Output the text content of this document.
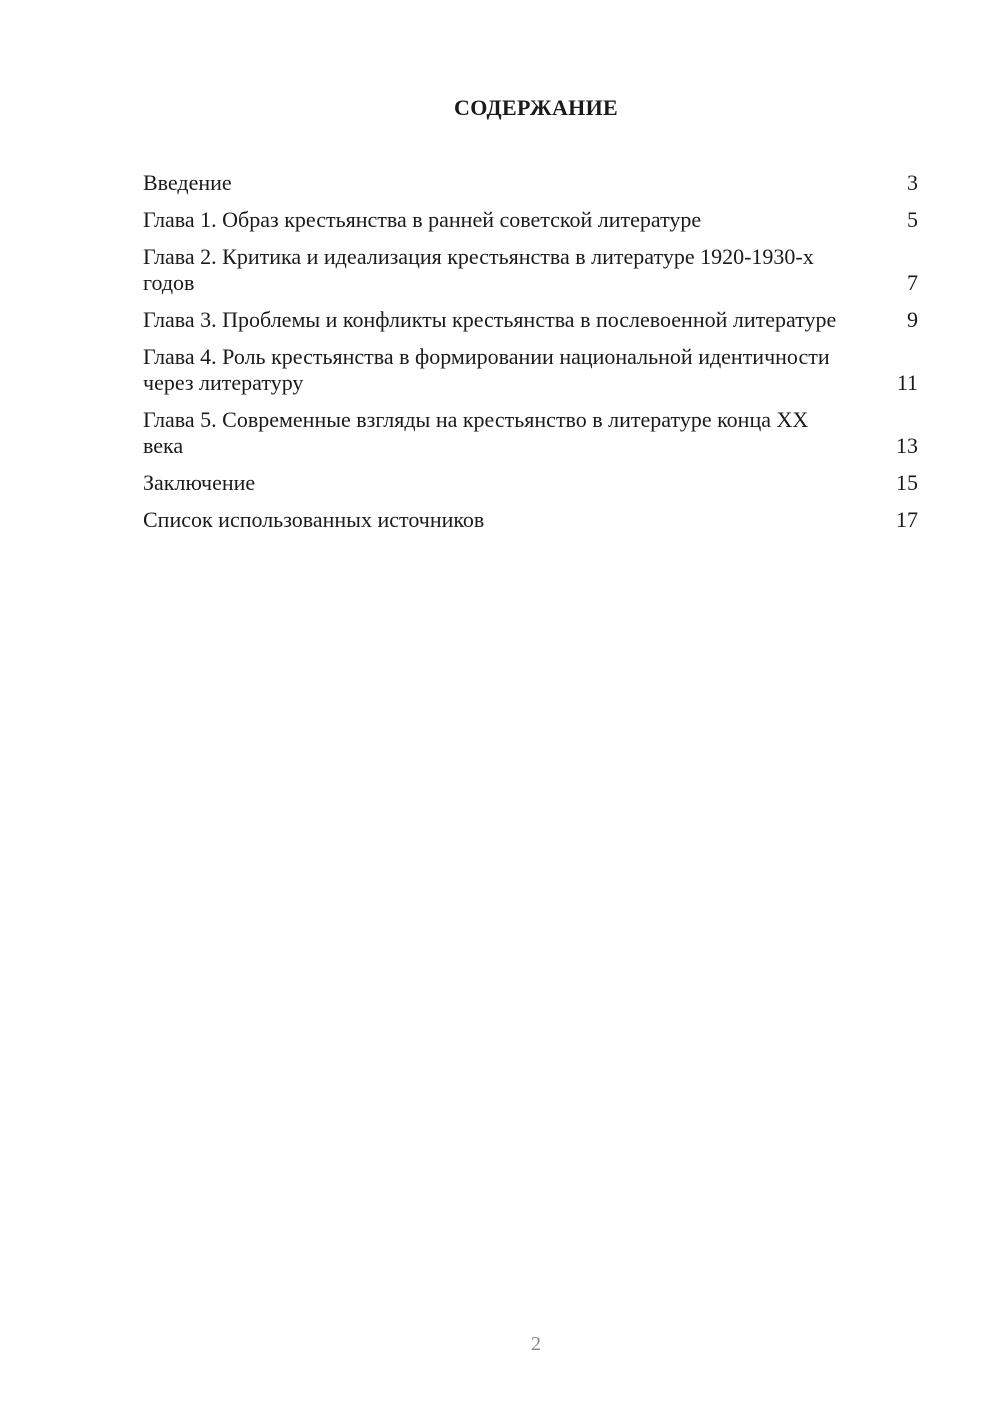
СОДЕРЖАНИЕ
Введение	3
Глава 1. Образ крестьянства в ранней советской литературе	5
Глава 2. Критика и идеализация крестьянства в литературе 1920-1930-х годов	7
Глава 3. Проблемы и конфликты крестьянства в послевоенной литературе	9
Глава 4. Роль крестьянства в формировании национальной идентичности через литературу	11
Глава 5. Современные взгляды на крестьянство в литературе конца XX века	13
Заключение	15
Список использованных источников	17
2
